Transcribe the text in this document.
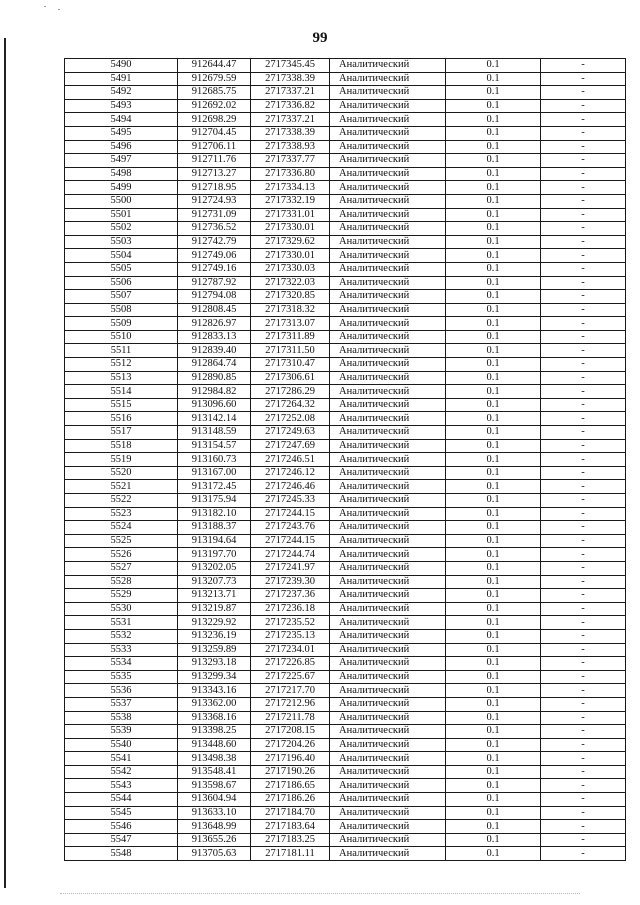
99
5490	912644.47	2717345.45	Аналитический	0.1	-
5491	912679.59	2717338.39	Аналитический	0.1	-
5492	912685.75	2717337.21	Аналитический	0.1	-
5493	912692.02	2717336.82	Аналитический	0.1	-
5494	912698.29	2717337.21	Аналитический	0.1	-
5495	912704.45	2717338.39	Аналитический	0.1	-
5496	912706.11	2717338.93	Аналитический	0.1	-
5497	912711.76	2717337.77	Аналитический	0.1	-
5498	912713.27	2717336.80	Аналитический	0.1	-
5499	912718.95	2717334.13	Аналитический	0.1	-
5500	912724.93	2717332.19	Аналитический	0.1	-
5501	912731.09	2717331.01	Аналитический	0.1	-
5502	912736.52	2717330.01	Аналитический	0.1	-
5503	912742.79	2717329.62	Аналитический	0.1	-
5504	912749.06	2717330.01	Аналитический	0.1	-
5505	912749.16	2717330.03	Аналитический	0.1	-
5506	912787.92	2717322.03	Аналитический	0.1	-
5507	912794.08	2717320.85	Аналитический	0.1	-
5508	912808.45	2717318.32	Аналитический	0.1	-
5509	912826.97	2717313.07	Аналитический	0.1	-
5510	912833.13	2717311.89	Аналитический	0.1	-
5511	912839.40	2717311.50	Аналитический	0.1	-
5512	912864.74	2717310.47	Аналитический	0.1	-
5513	912890.85	2717306.61	Аналитический	0.1	-
5514	912984.82	2717286.29	Аналитический	0.1	-
5515	913096.60	2717264.32	Аналитический	0.1	-
5516	913142.14	2717252.08	Аналитический	0.1	-
5517	913148.59	2717249.63	Аналитический	0.1	-
5518	913154.57	2717247.69	Аналитический	0.1	-
5519	913160.73	2717246.51	Аналитический	0.1	-
5520	913167.00	2717246.12	Аналитический	0.1	-
5521	913172.45	2717246.46	Аналитический	0.1	-
5522	913175.94	2717245.33	Аналитический	0.1	-
5523	913182.10	2717244.15	Аналитический	0.1	-
5524	913188.37	2717243.76	Аналитический	0.1	-
5525	913194.64	2717244.15	Аналитический	0.1	-
5526	913197.70	2717244.74	Аналитический	0.1	-
5527	913202.05	2717241.97	Аналитический	0.1	-
5528	913207.73	2717239.30	Аналитический	0.1	-
5529	913213.71	2717237.36	Аналитический	0.1	-
5530	913219.87	2717236.18	Аналитический	0.1	-
5531	913229.92	2717235.52	Аналитический	0.1	-
5532	913236.19	2717235.13	Аналитический	0.1	-
5533	913259.89	2717234.01	Аналитический	0.1	-
5534	913293.18	2717226.85	Аналитический	0.1	-
5535	913299.34	2717225.67	Аналитический	0.1	-
5536	913343.16	2717217.70	Аналитический	0.1	-
5537	913362.00	2717212.96	Аналитический	0.1	-
5538	913368.16	2717211.78	Аналитический	0.1	-
5539	913398.25	2717208.15	Аналитический	0.1	-
5540	913448.60	2717204.26	Аналитический	0.1	-
5541	913498.38	2717196.40	Аналитический	0.1	-
5542	913548.41	2717190.26	Аналитический	0.1	-
5543	913598.67	2717186.65	Аналитический	0.1	-
5544	913604.94	2717186.26	Аналитический	0.1	-
5545	913633.10	2717184.70	Аналитический	0.1	-
5546	913648.99	2717183.64	Аналитический	0.1	-
5547	913655.26	2717183.25	Аналитический	0.1	-
5548	913705.63	2717181.11	Аналитический	0.1	-
